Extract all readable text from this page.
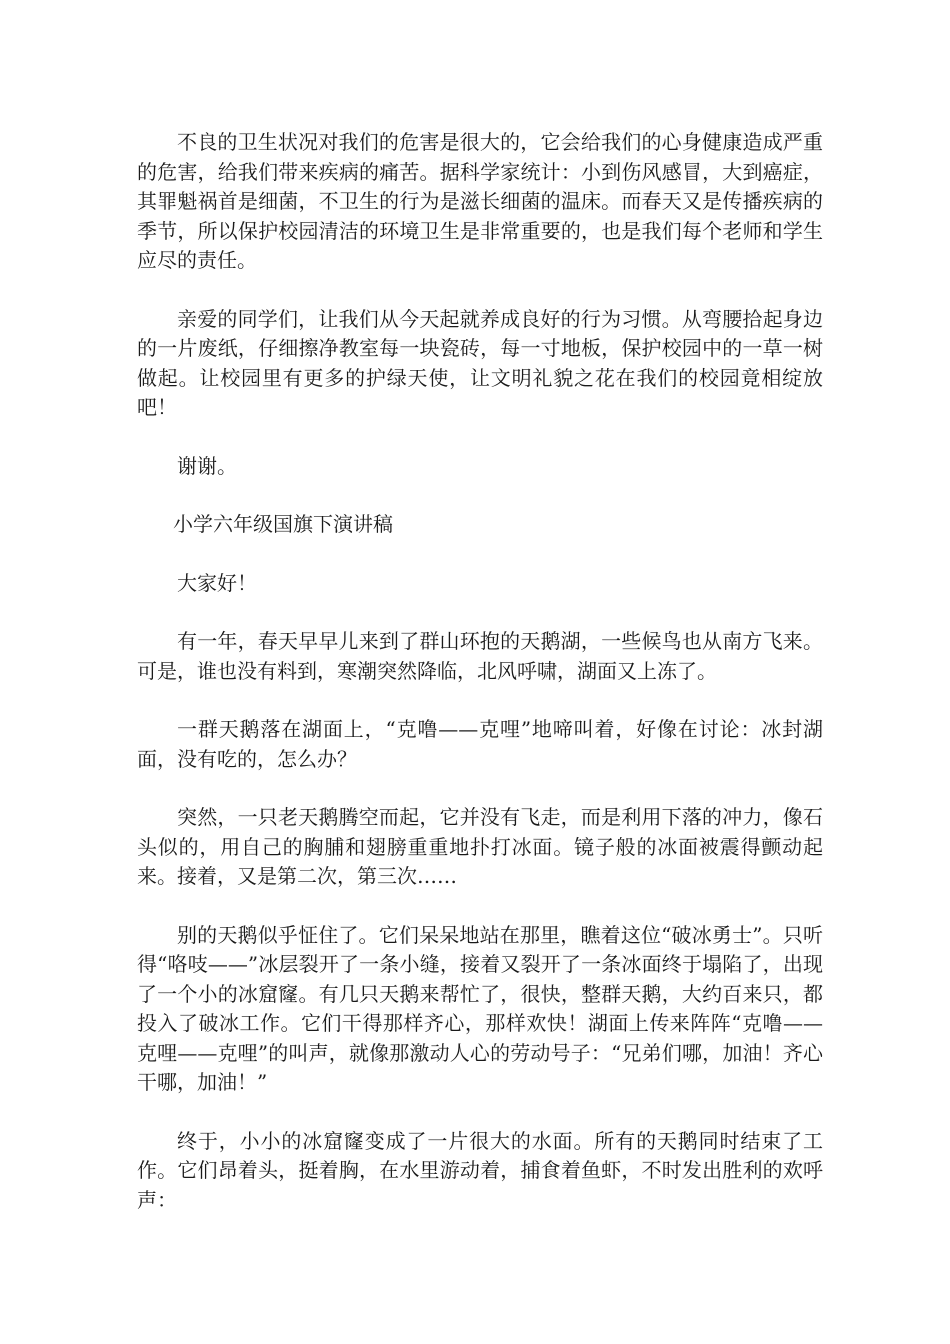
不良的卫生状况对我们的危害是很大的，它会给我们的心身健康造成严重的危害，给我们带来疾病的痛苦。据科学家统计：小到伤风感冒，大到癌症，其罪魁祸首是细菌，不卫生的行为是滋长细菌的温床。而春天又是传播疾病的季节，所以保护校园清洁的环境卫生是非常重要的，也是我们每个老师和学生应尽的责任。

亲爱的同学们，让我们从今天起就养成良好的行为习惯。从弯腰拾起身边的一片废纸，仔细擦净教室每一块瓷砖，每一寸地板，保护校园中的一草一树做起。让校园里有更多的护绿天使，让文明礼貌之花在我们的校园竟相绽放吧！

谢谢。

小学六年级国旗下演讲稿

大家好！

有一年，春天早早儿来到了群山环抱的天鹅湖，一些候鸟也从南方飞来。可是，谁也没有料到，寒潮突然降临，北风呼啸，湖面又上冻了。

一群天鹅落在湖面上，“克噜——克哩”地啼叫着，好像在讨论：冰封湖面，没有吃的，怎么办？

突然，一只老天鹅腾空而起，它并没有飞走，而是利用下落的冲力，像石头似的，用自己的胸脯和翅膀重重地扑打冰面。镜子般的冰面被震得颤动起来。接着，又是第二次，第三次……

别的天鹅似乎怔住了。它们呆呆地站在那里，瞧着这位“破冰勇士”。只听得“咯吱——”冰层裂开了一条小缝，接着又裂开了一条冰面终于塌陷了，出现了一个小的冰窟窿。有几只天鹅来帮忙了，很快，整群天鹅，大约百来只，都投入了破冰工作。它们干得那样齐心，那样欢快！湖面上传来阵阵“克噜——克哩——克哩”的叫声，就像那激动人心的劳动号子：“兄弟们哪，加油！齐心干哪，加油！”

终于，小小的冰窟窿变成了一片很大的水面。所有的天鹅同时结束了工作。它们昂着头，挺着胸，在水里游动着，捕食着鱼虾，不时发出胜利的欢呼声：
